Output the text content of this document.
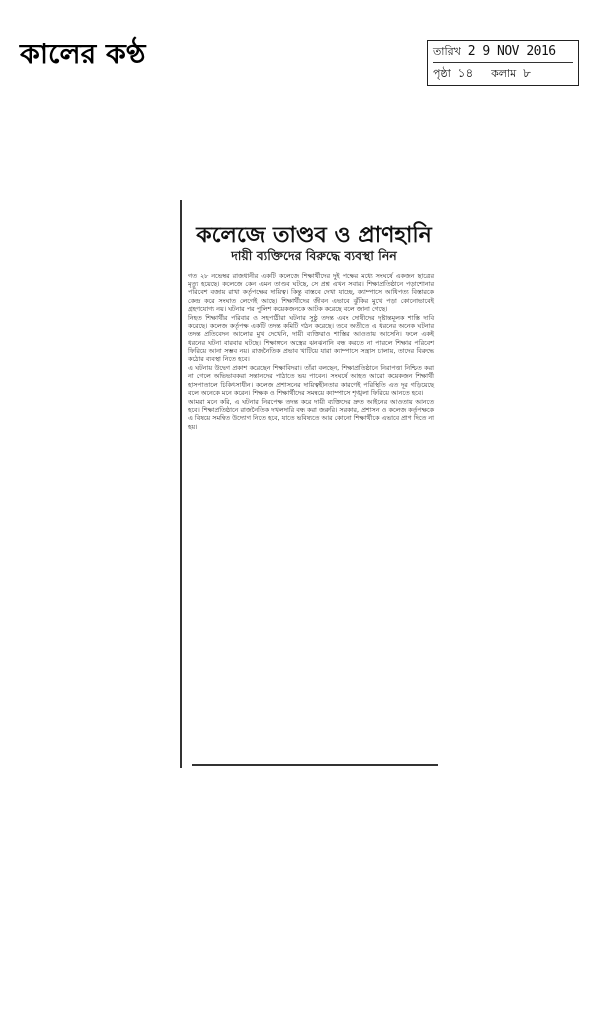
কালের কণ্ঠ	তারিখ 2 9 NOV 2016
পৃষ্ঠা ১৪ কলাম ৮
কলেজে তাণ্ডব ও প্রাণহানি
দায়ী ব্যক্তিদের বিরুদ্ধে ব্যবস্থা নিন

গত ২৮ নভেম্বর রাজধানীর একটি কলেজে শিক্ষার্থীদের দুই পক্ষের মধ্যে সংঘর্ষে একজন ছাত্রের মৃত্যু হয়েছে। কলেজে কেন এমন তাণ্ডব ঘটছে, সে প্রশ্ন এখন সবার। শিক্ষাপ্রতিষ্ঠানে পড়াশোনার পরিবেশ বজায় রাখা কর্তৃপক্ষের দায়িত্ব। কিন্তু বাস্তবে দেখা যাচ্ছে, ক্যাম্পাসে আধিপত্য বিস্তারকে কেন্দ্র করে সংঘাত লেগেই আছে। শিক্ষার্থীদের জীবন এভাবে ঝুঁকির মুখে পড়া কোনোভাবেই গ্রহণযোগ্য নয়। ঘটনার পর পুলিশ কয়েকজনকে আটক করেছে বলে জানা গেছে।

নিহত শিক্ষার্থীর পরিবার ও সহপাঠীরা ঘটনার সুষ্ঠু তদন্ত এবং দোষীদের দৃষ্টান্তমূলক শাস্তি দাবি করেছে। কলেজ কর্তৃপক্ষ একটি তদন্ত কমিটি গঠন করেছে। তবে অতীতে এ ধরনের অনেক ঘটনার তদন্ত প্রতিবেদন আলোর মুখ দেখেনি, দায়ী ব্যক্তিরাও শাস্তির আওতায় আসেনি। ফলে একই ধরনের ঘটনা বারবার ঘটছে। শিক্ষাঙ্গনে অস্ত্রের ঝনঝনানি বন্ধ করতে না পারলে শিক্ষার পরিবেশ ফিরিয়ে আনা সম্ভব নয়। রাজনৈতিক প্রভাব খাটিয়ে যারা ক্যাম্পাসে সন্ত্রাস চালায়, তাদের বিরুদ্ধে কঠোর ব্যবস্থা নিতে হবে।

এ ঘটনায় উদ্বেগ প্রকাশ করেছেন শিক্ষাবিদরা। তাঁরা বলছেন, শিক্ষাপ্রতিষ্ঠানে নিরাপত্তা নিশ্চিত করা না গেলে অভিভাবকরা সন্তানদের পাঠাতে ভয় পাবেন। সংঘর্ষে আহত আরো কয়েকজন শিক্ষার্থী হাসপাতালে চিকিৎসাধীন। কলেজ প্রশাসনের দায়িত্বহীনতার কারণেই পরিস্থিতি এত দূর গড়িয়েছে বলে অনেকে মনে করেন। শিক্ষক ও শিক্ষার্থীদের সমন্বয়ে ক্যাম্পাসে শৃঙ্খলা ফিরিয়ে আনতে হবে।

আমরা মনে করি, এ ঘটনার নিরপেক্ষ তদন্ত করে দায়ী ব্যক্তিদের দ্রুত আইনের আওতায় আনতে হবে। শিক্ষাপ্রতিষ্ঠানে রাজনৈতিক দখলদারি বন্ধ করা জরুরি। সরকার, প্রশাসন ও কলেজ কর্তৃপক্ষকে এ বিষয়ে সমন্বিত উদ্যোগ নিতে হবে, যাতে ভবিষ্যতে আর কোনো শিক্ষার্থীকে এভাবে প্রাণ দিতে না হয়।
